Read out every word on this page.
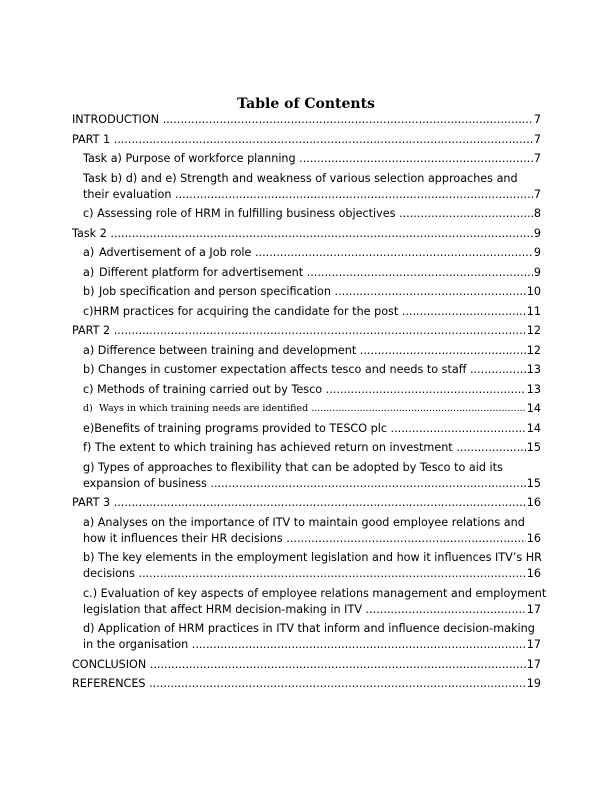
Table of Contents
INTRODUCTION .....	7
PART 1 .....	7
Task a) Purpose of workforce planning .....	7
Task b) d) and e) Strength and weakness of various selection approaches and
their evaluation .....	7
c) Assessing role of HRM in fulfilling business objectives .....	8
Task 2 .....	9
a) Advertisement of a Job role .....	9
a) Different platform for advertisement .....	9
b) Job specification and person specification .....	10
c)HRM practices for acquiring the candidate for the post .....	11
PART 2 .....	12
a) Difference between training and development .....	12
b) Changes in customer expectation affects tesco and needs to staff .....	13
c) Methods of training carried out by Tesco .....	13
d) Ways in which training needs are identified .....	14
e)Benefits of training programs provided to TESCO plc .....	14
f) The extent to which training has achieved return on investment .....	15
g) Types of approaches to flexibility that can be adopted by Tesco to aid its
expansion of business .....	15
PART 3 .....	16
a) Analyses on the importance of ITV to maintain good employee relations and
how it influences their HR decisions .....	16
b) The key elements in the employment legislation and how it influences ITV’s HR
decisions .....	16
c.) Evaluation of key aspects of employee relations management and employment
legislation that affect HRM decision-making in ITV .....	17
d) Application of HRM practices in ITV that inform and influence decision-making
in the organisation .....	17
CONCLUSION .....	17
REFERENCES .....	19
